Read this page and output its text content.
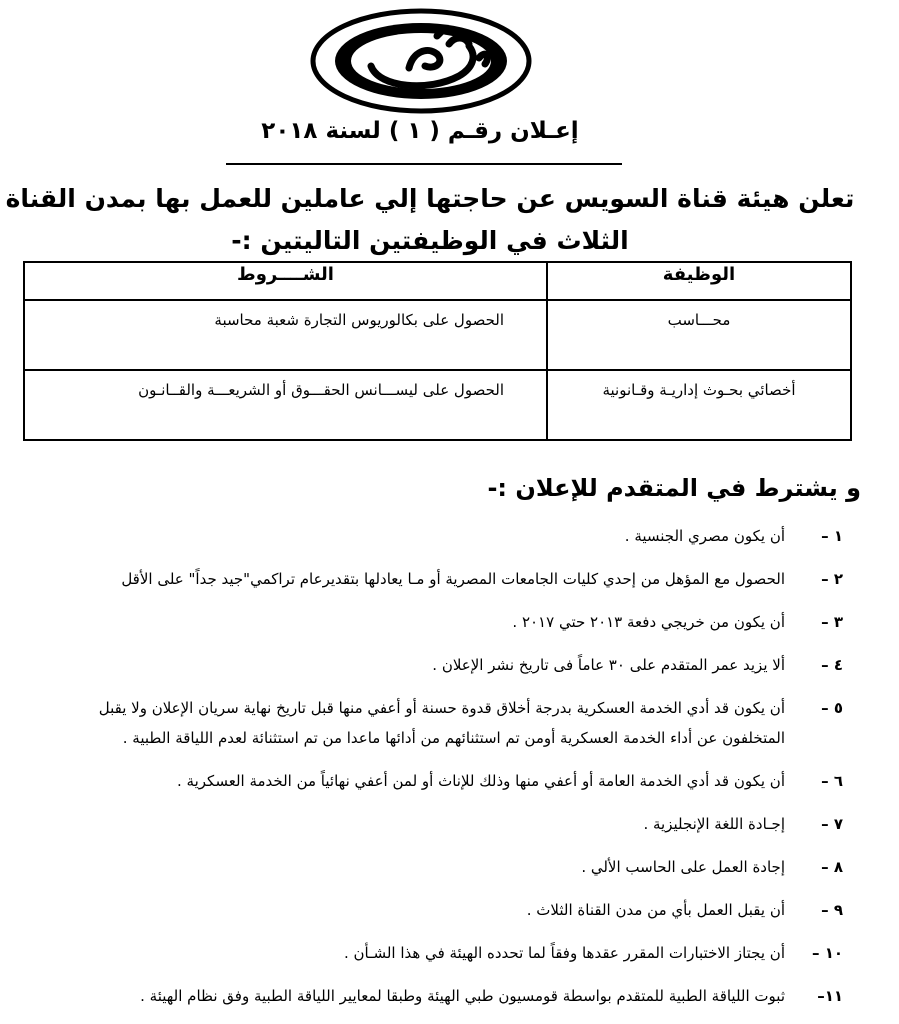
إعـلان رقـم ( ١ ) لسنة ٢٠١٨
تعلن هيئة قناة السويس عن حاجتها إلي عاملين للعمل بها بمدن القناة الثلاث في الوظيفتين التاليتين :-
الوظيفة	الشــــروط
محـــاسب	الحصول على بكالوريوس التجارة شعبة محاسبة
أخصائي بحـوث إداريـة وقـانونية	الحصول على ليســـانس الحقـــوق أو الشريعـــة والقــانـون
و يشترط في المتقدم للإعلان :-
١ –
أن يكون مصري الجنسية .
٢ –
الحصول مع المؤهل من إحدي كليات الجامعات المصرية أو مـا يعادلها بتقديرعام تراكمي"جيد جداً" على الأقل
٣ –
أن يكون من خريجي دفعة ٢٠١٣ حتي ٢٠١٧ .
٤ –
ألا يزيد عمر المتقدم على ٣٠ عاماً فى تاريخ نشر الإعلان .
٥ –
أن يكون قد أدي الخدمة العسكرية بدرجة أخلاق قدوة حسنة أو أعفي منها قبل تاريخ نهاية سريان الإعلان ولا يقبل المتخلفون عن أداء الخدمة العسكرية أومن تم استثنائهم من أدائها ماعدا من تم استثنائة لعدم اللياقة الطبية .
٦ –
أن يكون قد أدي الخدمة العامة أو أعفي منها وذلك للإناث أو لمن أعفي نهائياً من الخدمة العسكرية .
٧ –
إجـادة اللغة الإنجليزية .
٨ –
إجادة العمل على الحاسب الألي .
٩ –
أن يقبل العمل بأي من مدن القناة الثلاث .
١٠ –
أن يجتاز الاختبارات المقرر عقدها وفقاً لما تحدده الهيئة في هذا الشـأن .
١١–
ثبوت اللياقة الطبية للمتقدم بواسطة قومسيون طبي الهيئة وطبقا لمعايير اللياقة الطبية وفق نظام الهيئة .
